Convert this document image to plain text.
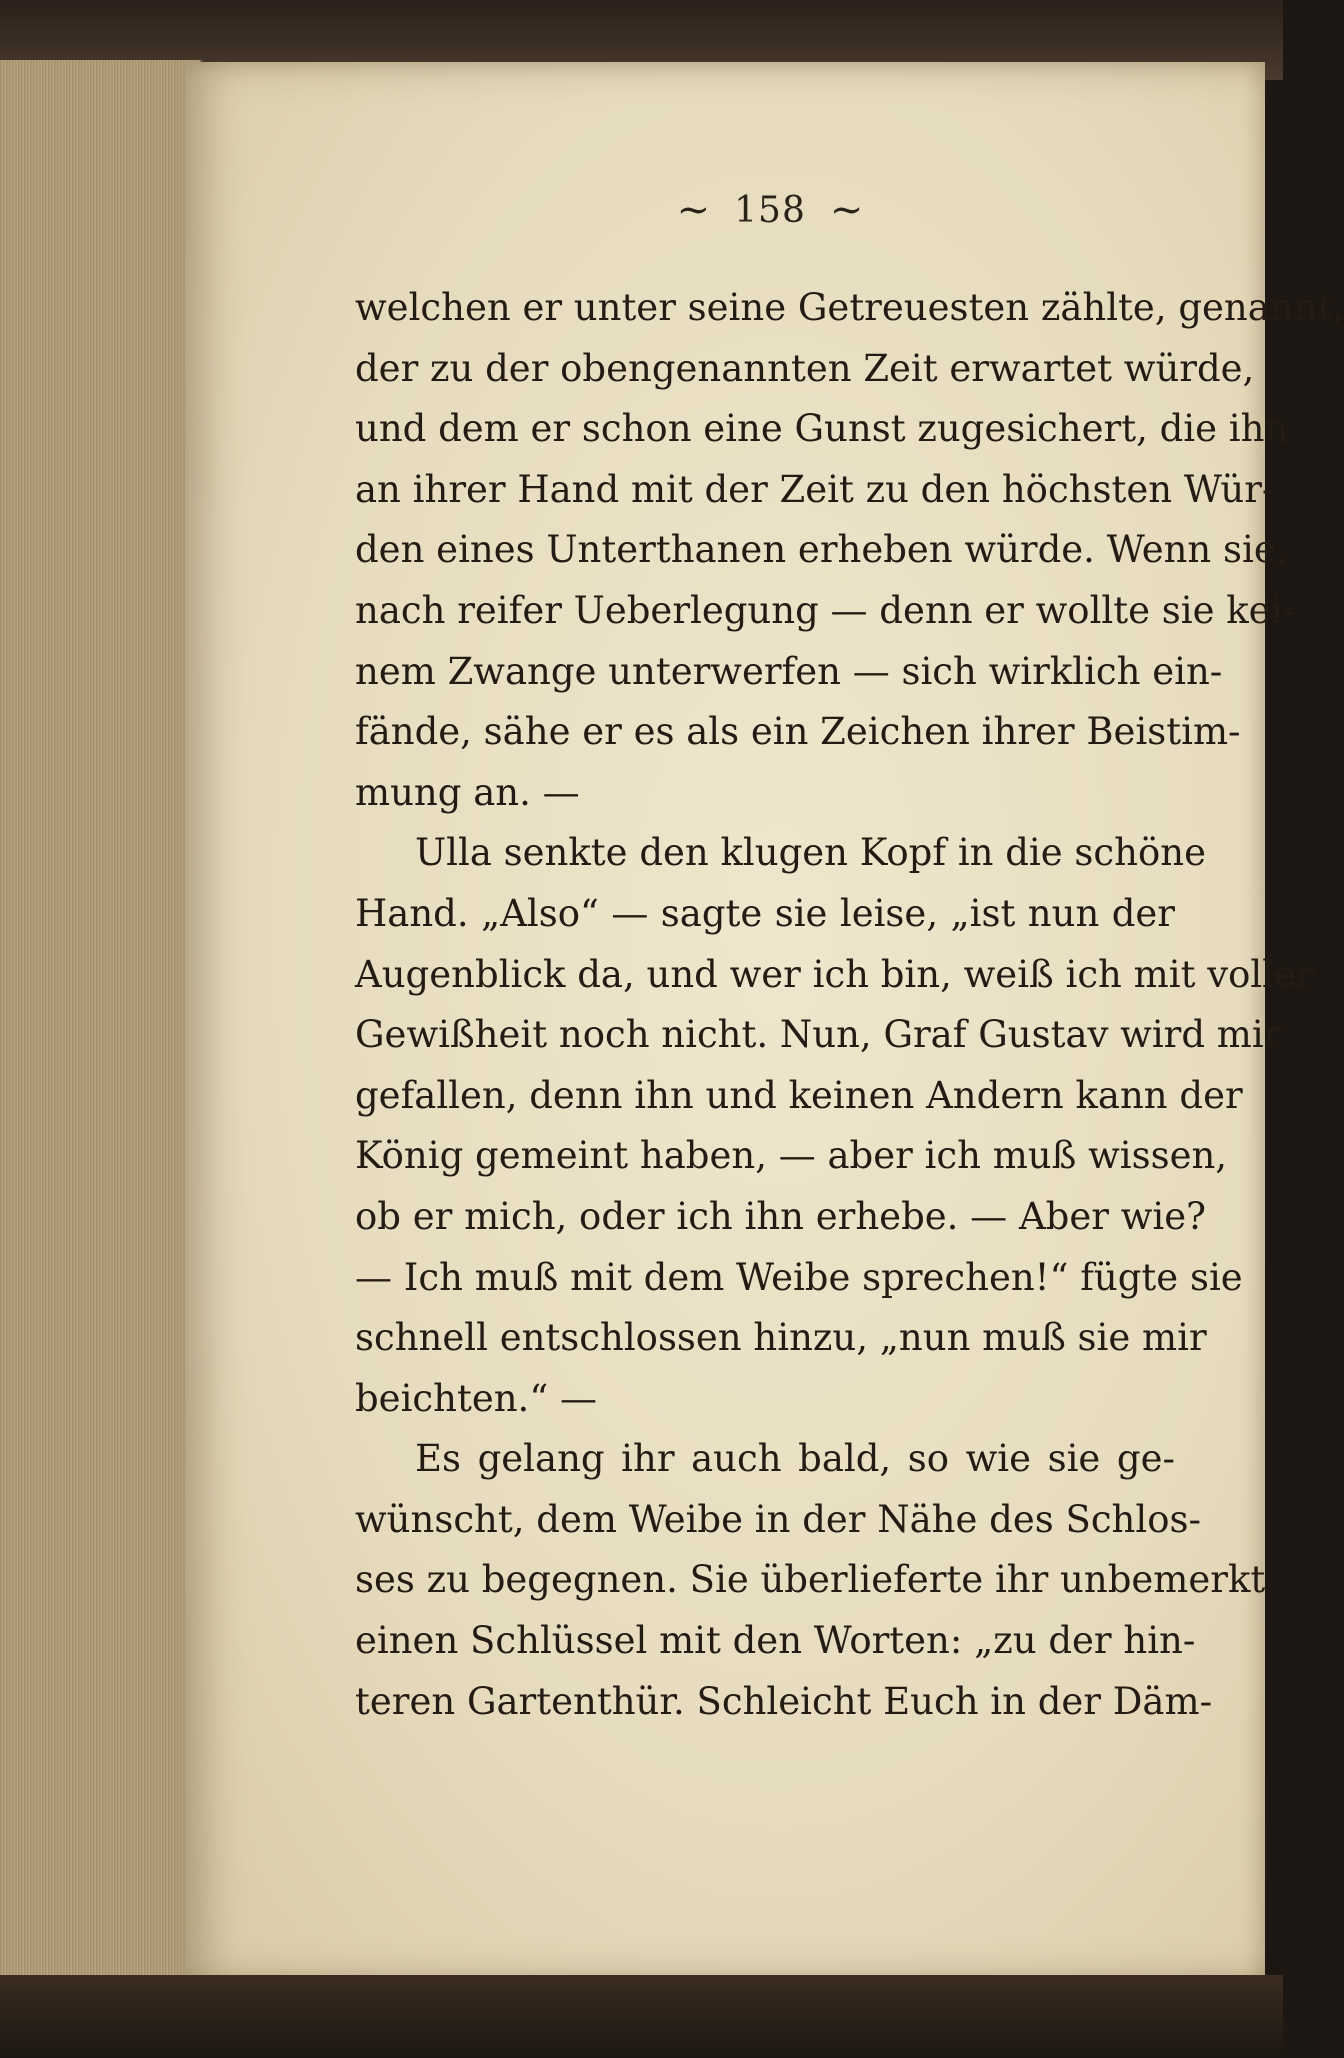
~ 158 ~
welchen er unter seine Getreuesten zählte, genannt,
der zu der obengenannten Zeit erwartet würde,
und dem er schon eine Gunst zugesichert, die ihn
an ihrer Hand mit der Zeit zu den höchsten Wür-
den eines Unterthanen erheben würde. Wenn sie,
nach reifer Ueberlegung — denn er wollte sie kei-
nem Zwange unterwerfen — sich wirklich ein-
fände, sähe er es als ein Zeichen ihrer Beistim-
mung an. —
Ulla senkte den klugen Kopf in die schöne
Hand. „Also“ — sagte sie leise, „ist nun der
Augenblick da, und wer ich bin, weiß ich mit voller
Gewißheit noch nicht. Nun, Graf Gustav wird mir
gefallen, denn ihn und keinen Andern kann der
König gemeint haben, — aber ich muß wissen,
ob er mich, oder ich ihn erhebe. — Aber wie?
— Ich muß mit dem Weibe sprechen!“ fügte sie
schnell entschlossen hinzu, „nun muß sie mir
beichten.“ —
Es gelang ihr auch bald, so wie sie ge-
wünscht, dem Weibe in der Nähe des Schlos-
ses zu begegnen. Sie überlieferte ihr unbemerkt
einen Schlüssel mit den Worten: „zu der hin-
teren Gartenthür. Schleicht Euch in der Däm-
